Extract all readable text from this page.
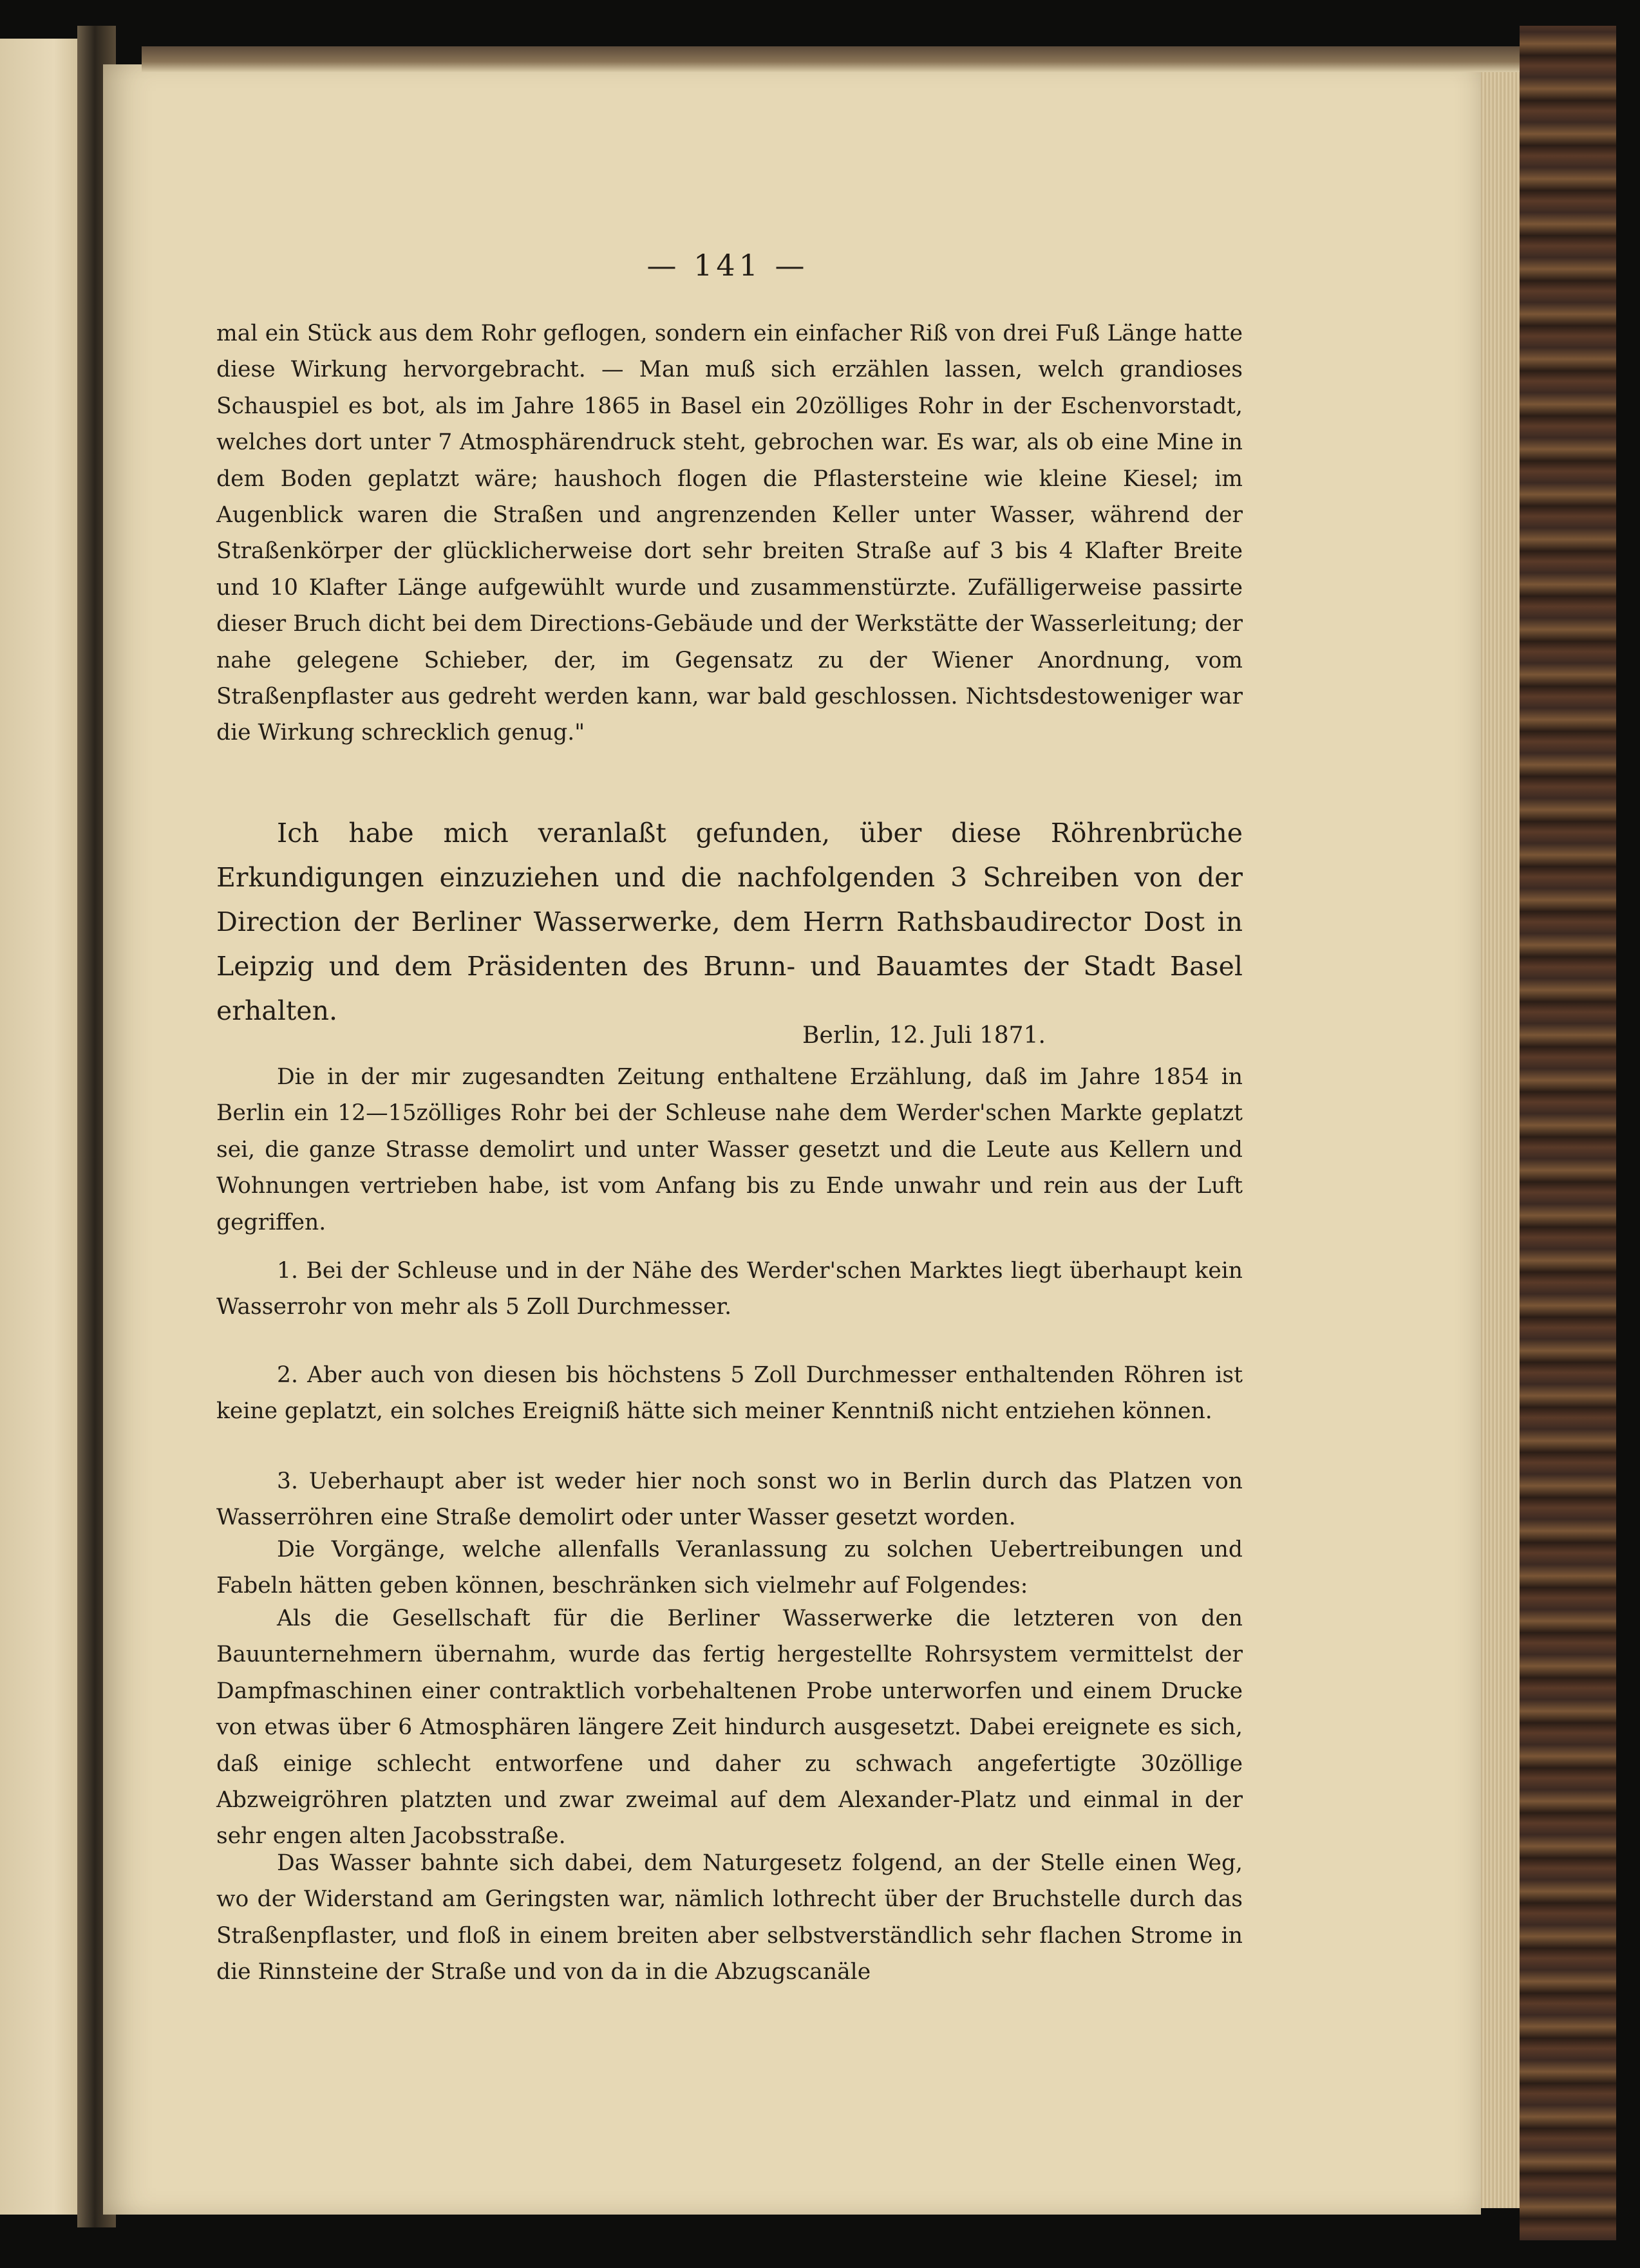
— 141 —

mal ein Stück aus dem Rohr geflogen, sondern ein einfacher Riß von drei Fuß Länge hatte diese Wirkung hervorgebracht. — Man muß sich erzählen lassen, welch grandioses Schauspiel es bot, als im Jahre 1865 in Basel ein 20zölliges Rohr in der Eschenvorstadt, welches dort unter 7 Atmosphärendruck steht, gebrochen war. Es war, als ob eine Mine in dem Boden geplatzt wäre; haushoch flogen die Pflastersteine wie kleine Kiesel; im Augenblick waren die Straßen und angrenzenden Keller unter Wasser, während der Straßenkörper der glücklicherweise dort sehr breiten Straße auf 3 bis 4 Klafter Breite und 10 Klafter Länge aufgewühlt wurde und zusammenstürzte. Zufälligerweise passirte dieser Bruch dicht bei dem Directions-Gebäude und der Werkstätte der Wasserleitung; der nahe gelegene Schieber, der, im Gegensatz zu der Wiener Anordnung, vom Straßenpflaster aus gedreht werden kann, war bald geschlossen. Nichtsdestoweniger war die Wirkung schrecklich genug."

Ich habe mich veranlaßt gefunden, über diese Röhrenbrüche Erkundigungen einzuziehen und die nachfolgenden 3 Schreiben von der Direction der Berliner Wasserwerke, dem Herrn Rathsbaudirector Dost in Leipzig und dem Präsidenten des Brunn- und Bauamtes der Stadt Basel erhalten.

Berlin, 12. Juli 1871.

Die in der mir zugesandten Zeitung enthaltene Erzählung, daß im Jahre 1854 in Berlin ein 12—15zölliges Rohr bei der Schleuse nahe dem Werder'schen Markte geplatzt sei, die ganze Strasse demolirt und unter Wasser gesetzt und die Leute aus Kellern und Wohnungen vertrieben habe, ist vom Anfang bis zu Ende unwahr und rein aus der Luft gegriffen.

1. Bei der Schleuse und in der Nähe des Werder'schen Marktes liegt überhaupt kein Wasserrohr von mehr als 5 Zoll Durchmesser.

2. Aber auch von diesen bis höchstens 5 Zoll Durchmesser enthaltenden Röhren ist keine geplatzt, ein solches Ereigniß hätte sich meiner Kenntniß nicht entziehen können.

3. Ueberhaupt aber ist weder hier noch sonst wo in Berlin durch das Platzen von Wasserröhren eine Straße demolirt oder unter Wasser gesetzt worden.

Die Vorgänge, welche allenfalls Veranlassung zu solchen Uebertreibungen und Fabeln hätten geben können, beschränken sich vielmehr auf Folgendes:

Als die Gesellschaft für die Berliner Wasserwerke die letzteren von den Bauunternehmern übernahm, wurde das fertig hergestellte Rohrsystem vermittelst der Dampfmaschinen einer contraktlich vorbehaltenen Probe unterworfen und einem Drucke von etwas über 6 Atmosphären längere Zeit hindurch ausgesetzt. Dabei ereignete es sich, daß einige schlecht entworfene und daher zu schwach angefertigte 30zöllige Abzweigröhren platzten und zwar zweimal auf dem Alexander-Platz und einmal in der sehr engen alten Jacobsstraße.

Das Wasser bahnte sich dabei, dem Naturgesetz folgend, an der Stelle einen Weg, wo der Widerstand am Geringsten war, nämlich lothrecht über der Bruchstelle durch das Straßenpflaster, und floß in einem breiten aber selbstverständlich sehr flachen Strome in die Rinnsteine der Straße und von da in die Abzugscanäle
